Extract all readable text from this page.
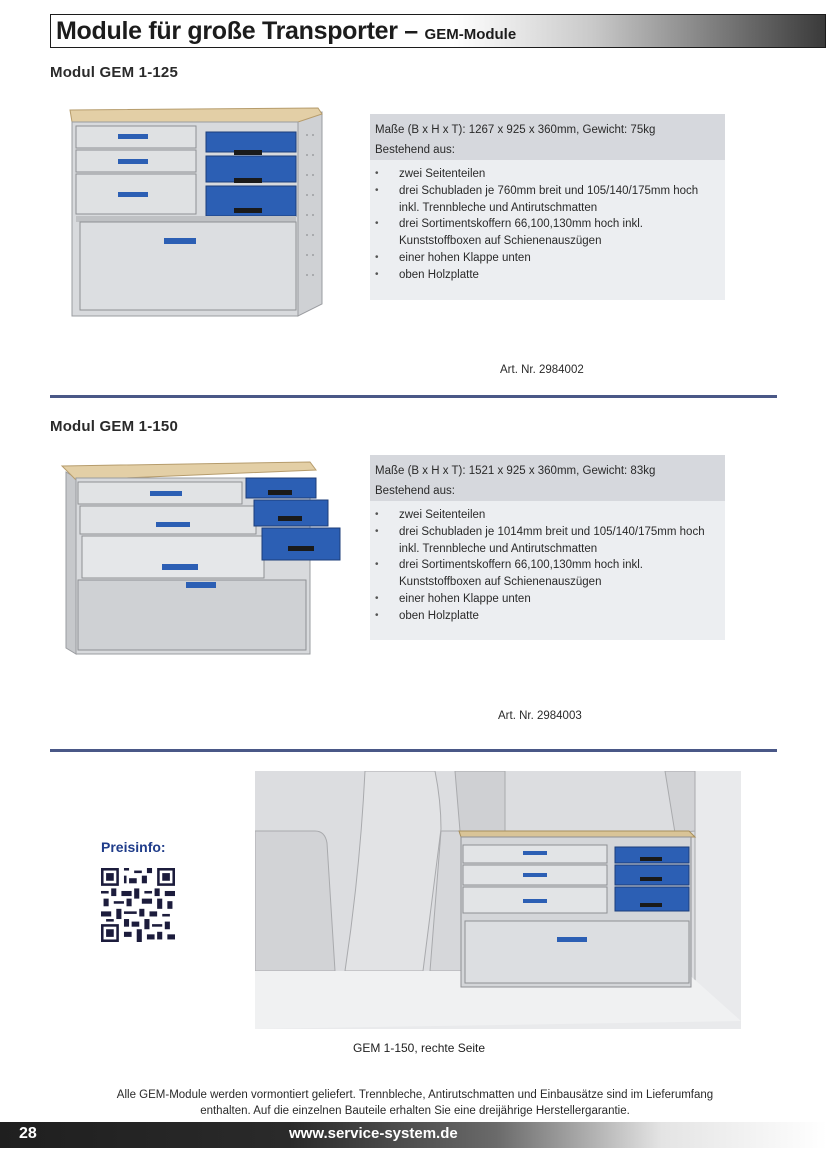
Module für große Transporter – GEM-Module
Modul GEM 1-125
Maße (B x H x T): 1267 x 925 x 360mm, Gewicht: 75kg
Bestehend aus:
• zwei Seitenteilen
• drei Schubladen je 760mm breit und 105/140/175mm hoch inkl. Trennbleche und Antirutschmatten
• drei Sortimentskoffern 66,100,130mm hoch inkl. Kunststoffboxen auf Schienenauszügen
• einer hohen Klappe unten
• oben Holzplatte
Art. Nr. 2984002
Modul GEM 1-150
Maße (B x H x T): 1521 x 925 x 360mm, Gewicht: 83kg
Bestehend aus:
• zwei Seitenteilen
• drei Schubladen je 1014mm breit und 105/140/175mm hoch inkl. Trennbleche und Antirutschmatten
• drei Sortimentskoffern 66,100,130mm hoch inkl. Kunststoffboxen auf Schienenauszügen
• einer hohen Klappe unten
• oben Holzplatte
Art. Nr. 2984003
Preisinfo:
GEM 1-150, rechte Seite
Alle GEM-Module werden vormontiert geliefert. Trennbleche, Antirutschmatten und Einbausätze sind im Lieferumfang enthalten. Auf die einzelnen Bauteile erhalten Sie eine dreijährige Herstellergarantie.
28	www.service-system.de
